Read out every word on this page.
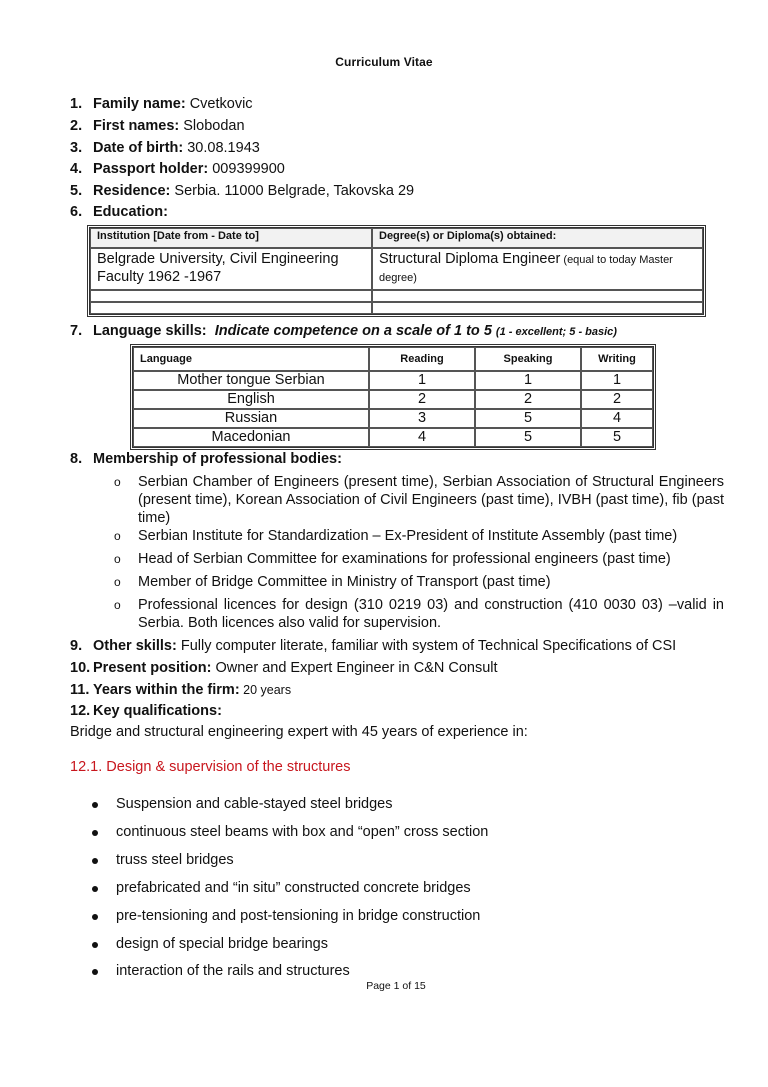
Curriculum Vitae
1. Family name: Cvetkovic
2. First names: Slobodan
3. Date of birth: 30.08.1943
4. Passport holder: 009399900
5. Residence: Serbia. 11000 Belgrade, Takovska 29
6. Education:
Institution [Date from - Date to]	Degree(s) or Diploma(s) obtained:
Belgrade University, Civil Engineering Faculty 1962 -1967	Structural Diploma Engineer (equal to today Master degree)

7. Language skills: Indicate competence on a scale of 1 to 5 (1 - excellent; 5 - basic)
Language	Reading	Speaking	Writing
Mother tongue Serbian	1	1	1
English	2	2	2
Russian	3	5	4
Macedonian	4	5	5
8. Membership of professional bodies:
o Serbian Chamber of Engineers (present time), Serbian Association of Structural Engineers (present time), Korean Association of Civil Engineers (past time), IVBH (past time), fib (past time)
o Serbian Institute for Standardization – Ex-President of Institute Assembly (past time)
o Head of Serbian Committee for examinations for professional engineers (past time)
o Member of Bridge Committee in Ministry of Transport (past time)
o Professional licences for design (310 0219 03) and construction (410 0030 03) –valid in Serbia. Both licences also valid for supervision.
9. Other skills: Fully computer literate, familiar with system of Technical Specifications of CSI
10. Present position: Owner and Expert Engineer in C&N Consult
11. Years within the firm: 20 years
12. Key qualifications:
Bridge and structural engineering expert with 45 years of experience in:
12.1. Design & supervision of the structures
Suspension and cable-stayed steel bridges
continuous steel beams with box and “open” cross section
truss steel bridges
prefabricated and “in situ” constructed concrete bridges
pre-tensioning and post-tensioning in bridge construction
design of special bridge bearings
interaction of the rails and structures
Page 1 of 15
